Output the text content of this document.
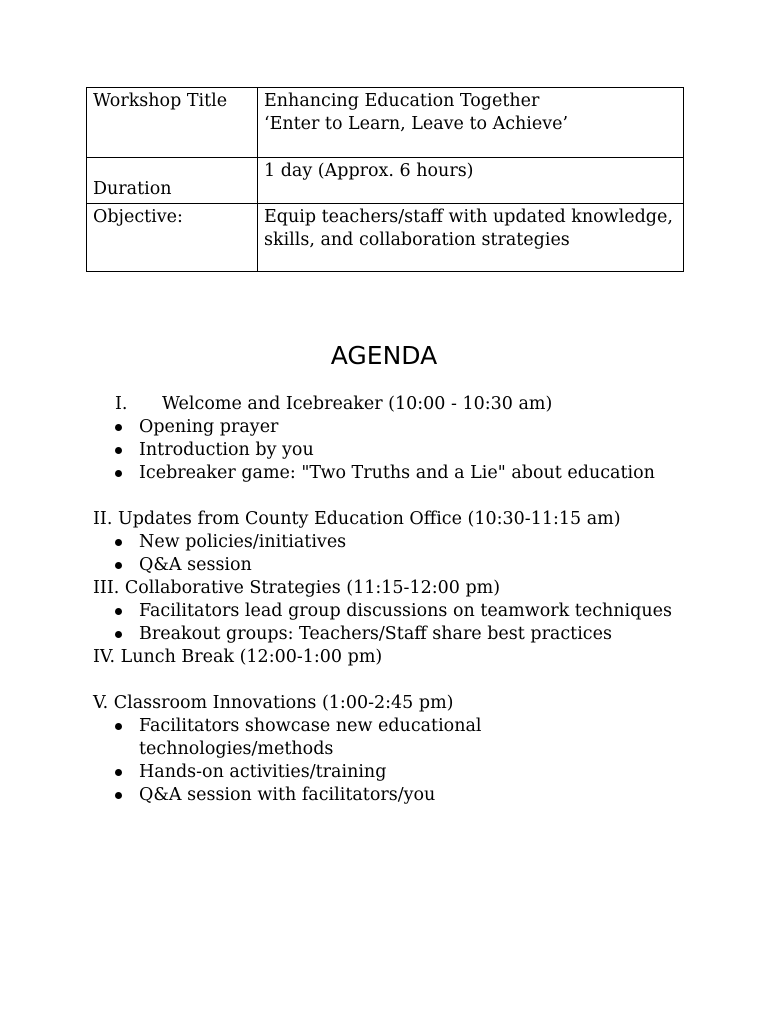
Workshop Title	Enhancing Education Together
‘Enter to Learn, Leave to Achieve’

Duration	1 day (Approx. 6 hours)

Objective:	Equip teachers/staff with updated knowledge,
skills, and collaboration strategies
AGENDA
I. Welcome and Icebreaker (10:00 - 10:30 am)
Opening prayer
Introduction by you
Icebreaker game: "Two Truths and a Lie" about education
II. Updates from County Education Office (10:30-11:15 am)
New policies/initiatives
Q&A session
III. Collaborative Strategies (11:15-12:00 pm)
Facilitators lead group discussions on teamwork techniques
Breakout groups: Teachers/Staff share best practices
IV. Lunch Break (12:00-1:00 pm)
V. Classroom Innovations (1:00-2:45 pm)
Facilitators showcase new educational
technologies/methods
Hands-on activities/training
Q&A session with facilitators/you
